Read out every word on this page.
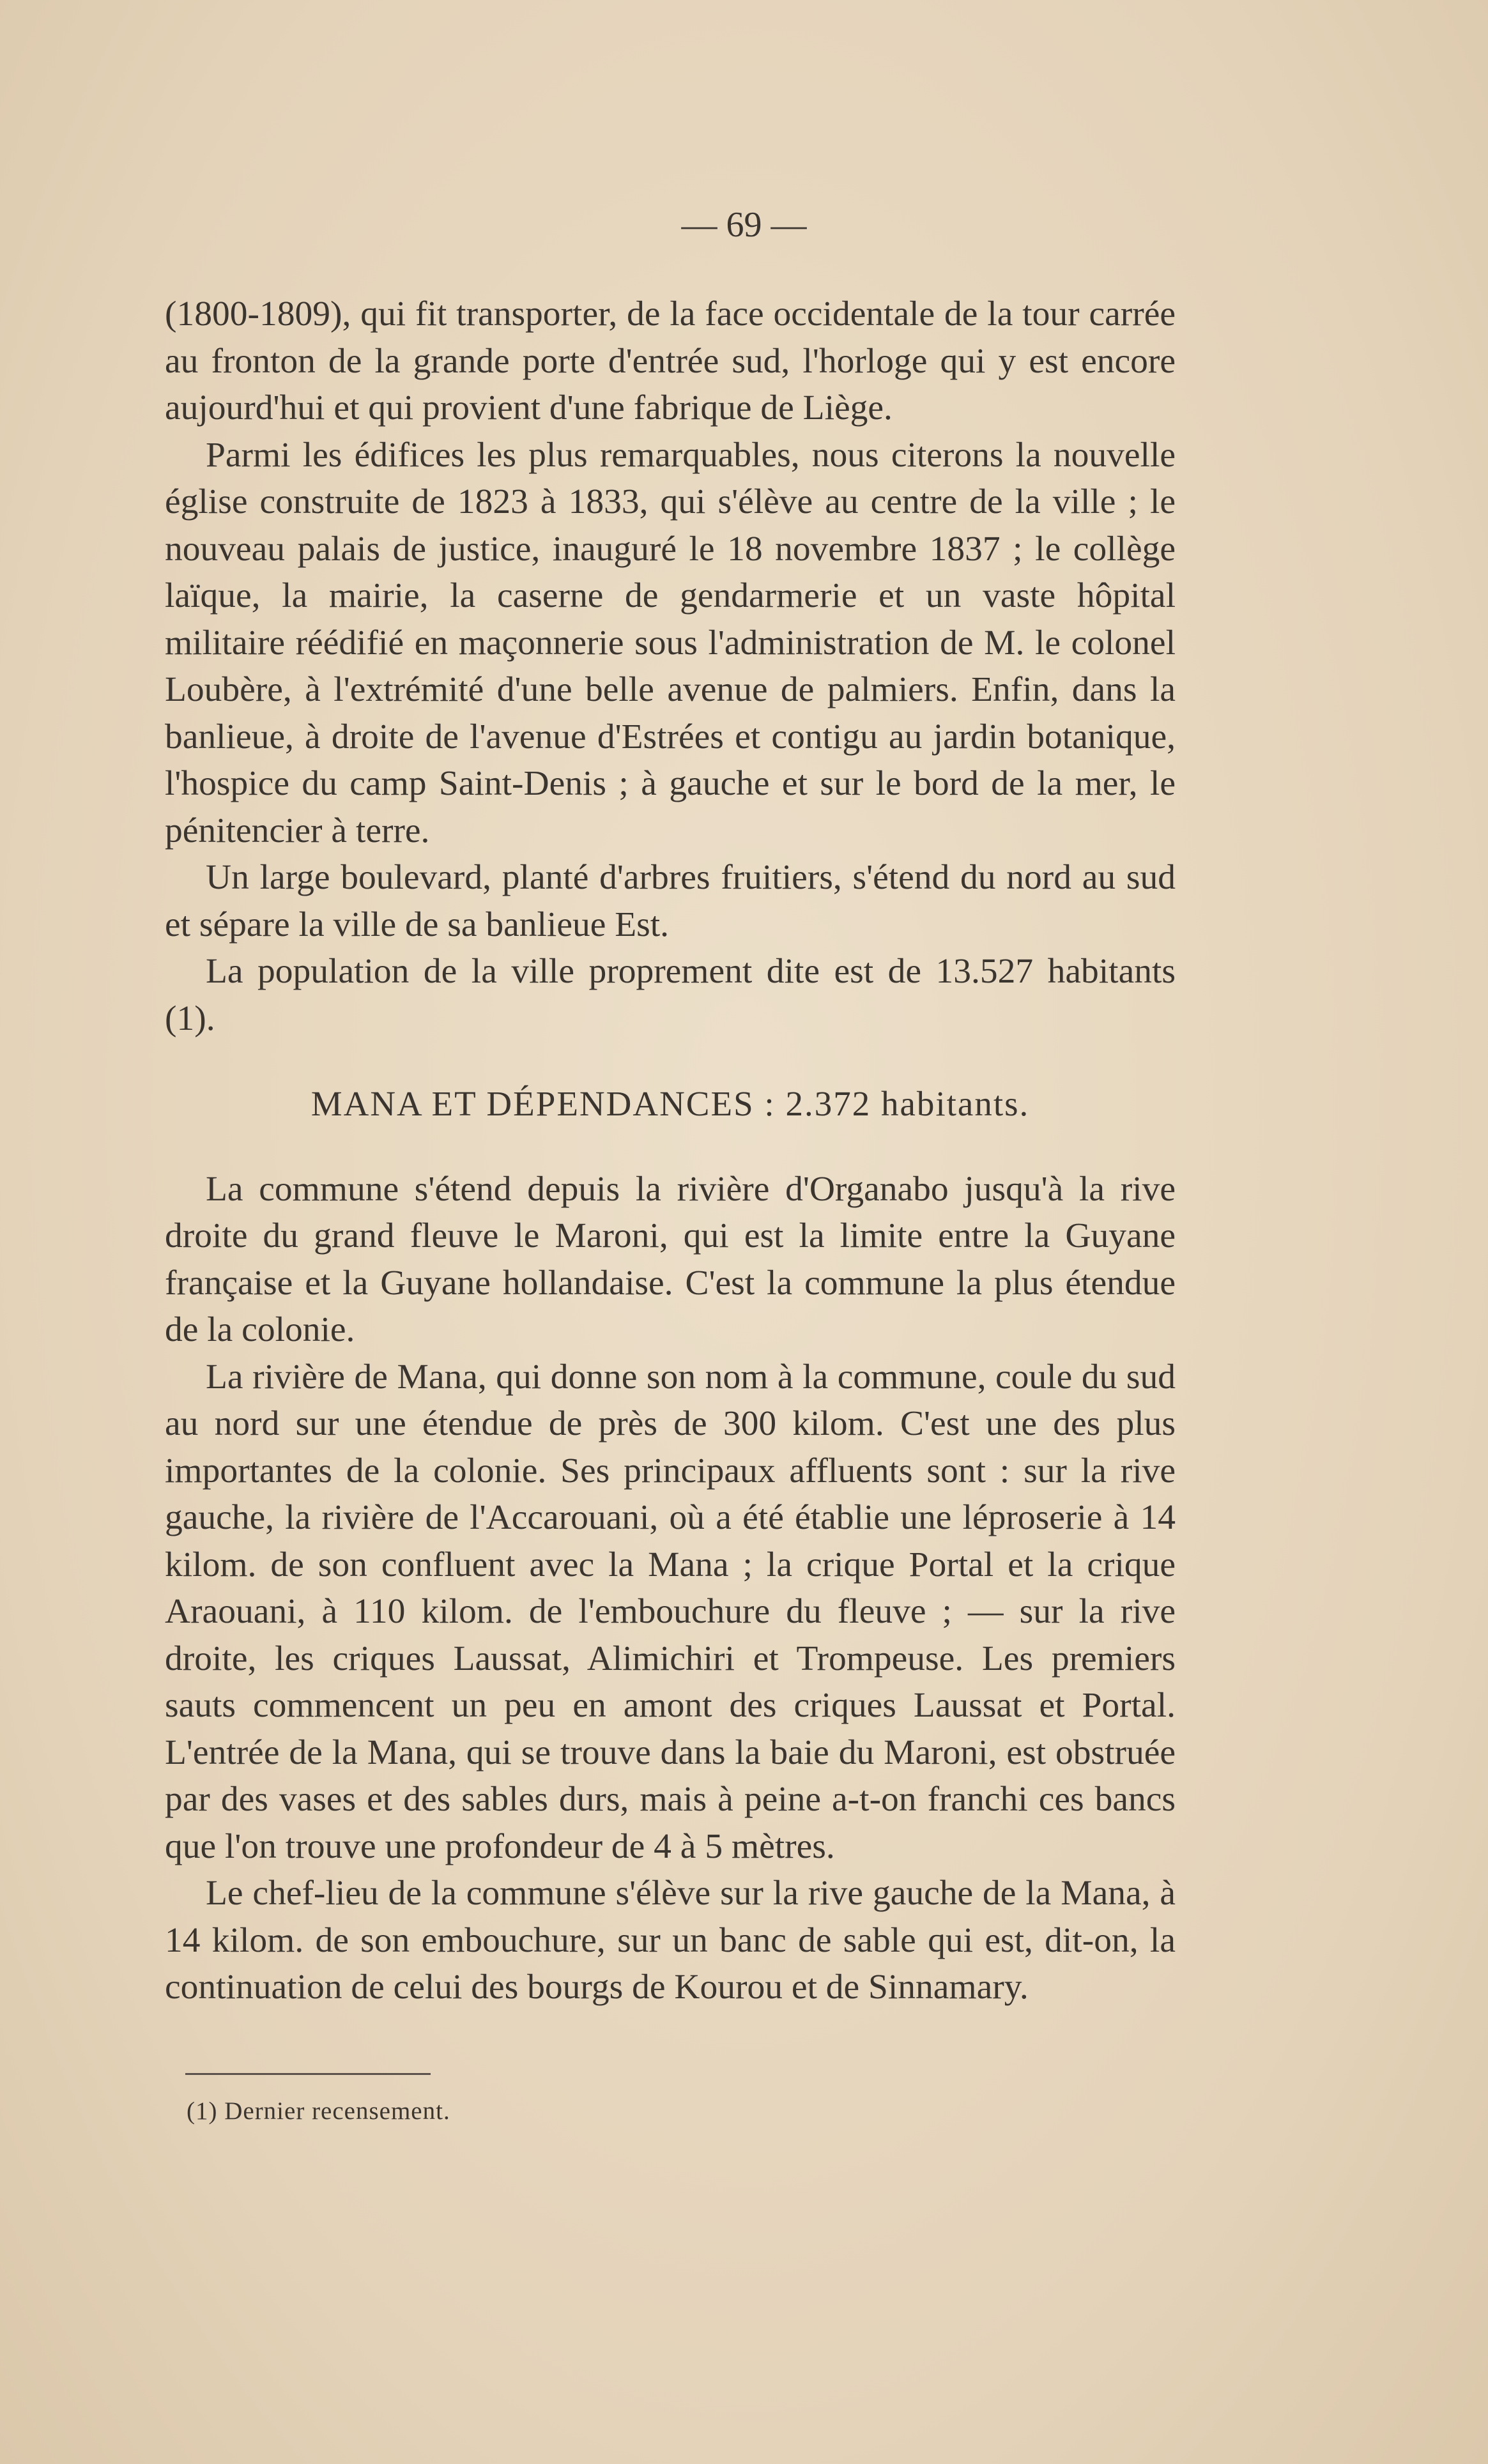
— 69 —

(1800-1809), qui fit transporter, de la face occidentale de la tour carrée au fronton de la grande porte d'entrée sud, l'horloge qui y est encore aujourd'hui et qui provient d'une fabrique de Liège.

Parmi les édifices les plus remarquables, nous citerons la nouvelle église construite de 1823 à 1833, qui s'élève au centre de la ville ; le nouveau palais de justice, inauguré le 18 novembre 1837 ; le collège laïque, la mairie, la caserne de gendarmerie et un vaste hôpital militaire réédifié en maçonnerie sous l'administration de M. le colonel Loubère, à l'extrémité d'une belle avenue de palmiers. Enfin, dans la banlieue, à droite de l'avenue d'Estrées et contigu au jardin botanique, l'hospice du camp Saint-Denis ; à gauche et sur le bord de la mer, le pénitencier à terre.

Un large boulevard, planté d'arbres fruitiers, s'étend du nord au sud et sépare la ville de sa banlieue Est.

La population de la ville proprement dite est de 13.527 habitants (1).

MANA ET DÉPENDANCES : 2.372 habitants.

La commune s'étend depuis la rivière d'Organabo jusqu'à la rive droite du grand fleuve le Maroni, qui est la limite entre la Guyane française et la Guyane hollandaise. C'est la commune la plus étendue de la colonie.

La rivière de Mana, qui donne son nom à la commune, coule du sud au nord sur une étendue de près de 300 kilom. C'est une des plus importantes de la colonie. Ses principaux affluents sont : sur la rive gauche, la rivière de l'Accarouani, où a été établie une léproserie à 14 kilom. de son confluent avec la Mana ; la crique Portal et la crique Araouani, à 110 kilom. de l'embouchure du fleuve ; — sur la rive droite, les criques Laussat, Alimichiri et Trompeuse. Les premiers sauts commencent un peu en amont des criques Laussat et Portal. L'entrée de la Mana, qui se trouve dans la baie du Maroni, est obstruée par des vases et des sables durs, mais à peine a-t-on franchi ces bancs que l'on trouve une profondeur de 4 à 5 mètres.

Le chef-lieu de la commune s'élève sur la rive gauche de la Mana, à 14 kilom. de son embouchure, sur un banc de sable qui est, dit-on, la continuation de celui des bourgs de Kourou et de Sinnamary.

(1) Dernier recensement.
